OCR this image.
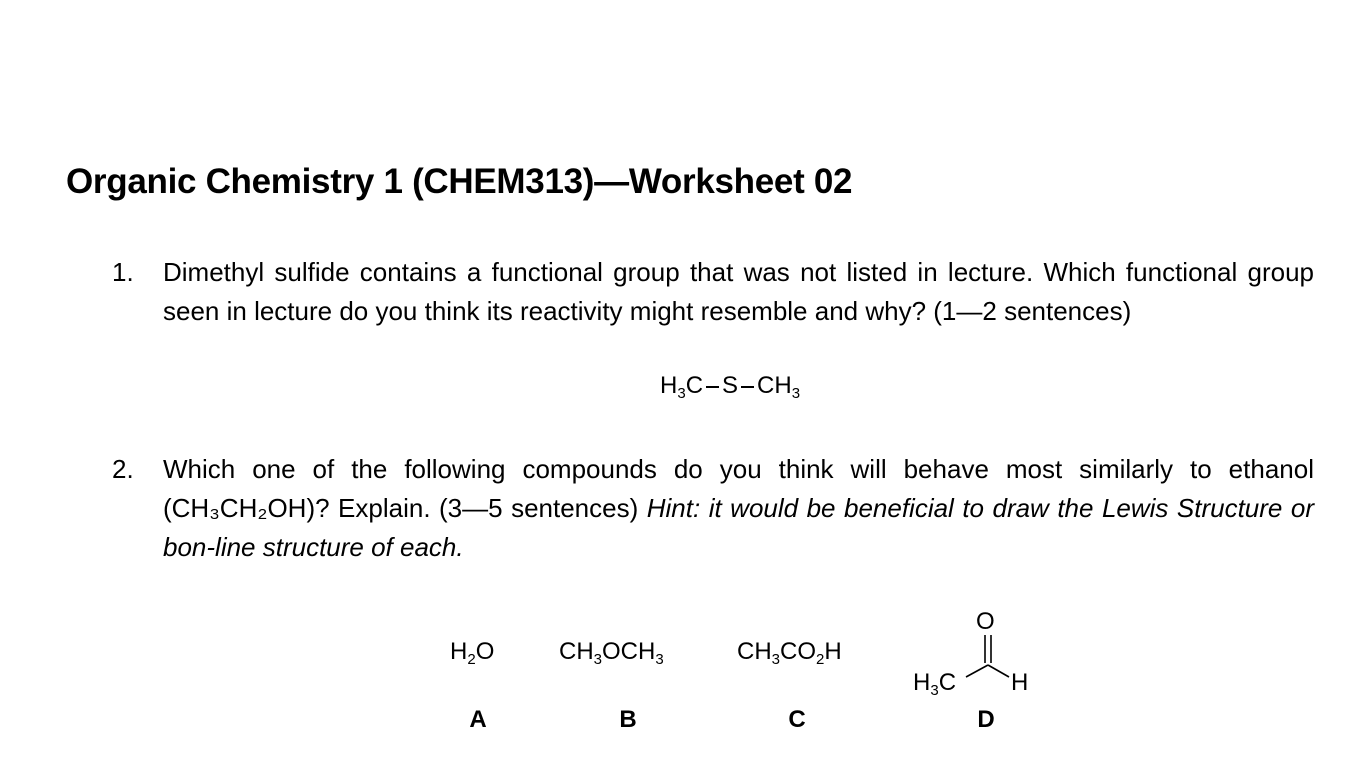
Organic Chemistry 1 (CHEM313)—Worksheet 02
1. Dimethyl sulfide contains a functional group that was not listed in lecture. Which functional group seen in lecture do you think its reactivity might resemble and why? (1—2 sentences)
$H_3C$ S $CH_3$
2. Which one of the following compounds do you think will behave most similarly to ethanol (CH₃CH₂OH)? Explain. (3—5 sentences) Hint: it would be beneficial to draw the Lewis Structure or bon-line structure of each.
$H_2O$	$CH_3OCH_3$	$CH_3CO_2H$
O
$H_3C$ H
A	B	C	D
